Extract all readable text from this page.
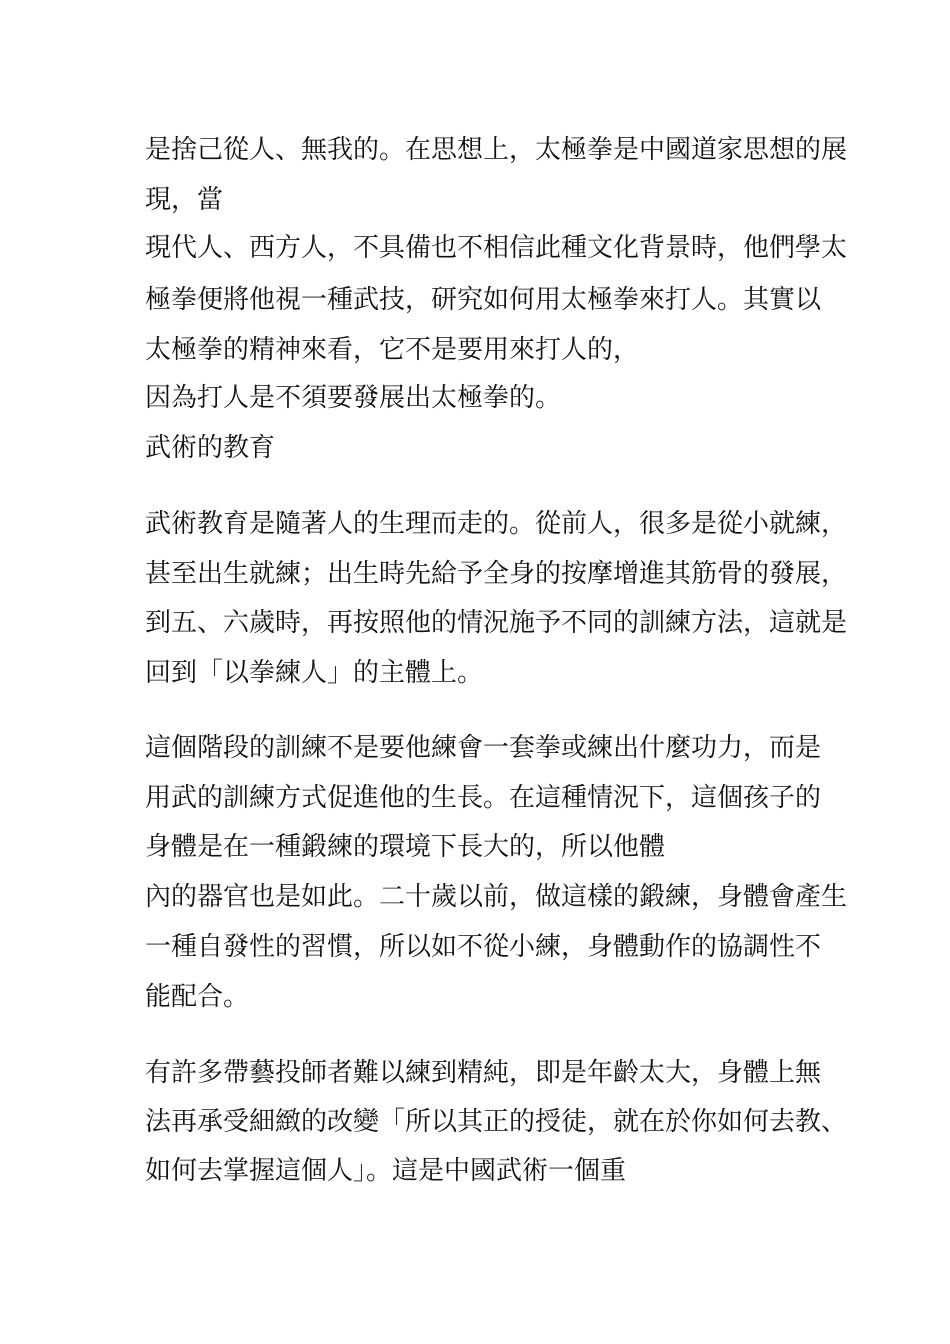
是捨己從人、無我的。在思想上，太極拳是中國道家思想的展
現，當
現代人、西方人，不具備也不相信此種文化背景時，他們學太
極拳便將他視一種武技，研究如何用太極拳來打人。其實以
太極拳的精神來看，它不是要用來打人的，
因為打人是不須要發展出太極拳的。
武術的教育
武術教育是隨著人的生理而走的。從前人，很多是從小就練，
甚至出生就練；出生時先給予全身的按摩增進其筋骨的發展，
到五、六歲時，再按照他的情況施予不同的訓練方法，這就是
回到「以拳練人」的主體上。
這個階段的訓練不是要他練會一套拳或練出什麼功力，而是
用武的訓練方式促進他的生長。在這種情況下，這個孩子的
身體是在一種鍛練的環境下長大的，所以他體
內的器官也是如此。二十歲以前，做這樣的鍛練，身體會產生
一種自發性的習慣，所以如不從小練，身體動作的協調性不
能配合。
有許多帶藝投師者難以練到精純，即是年齡太大，身體上無
法再承受細緻的改變「所以其正的授徒，就在於你如何去教、
如何去掌握這個人」。這是中國武術一個重
